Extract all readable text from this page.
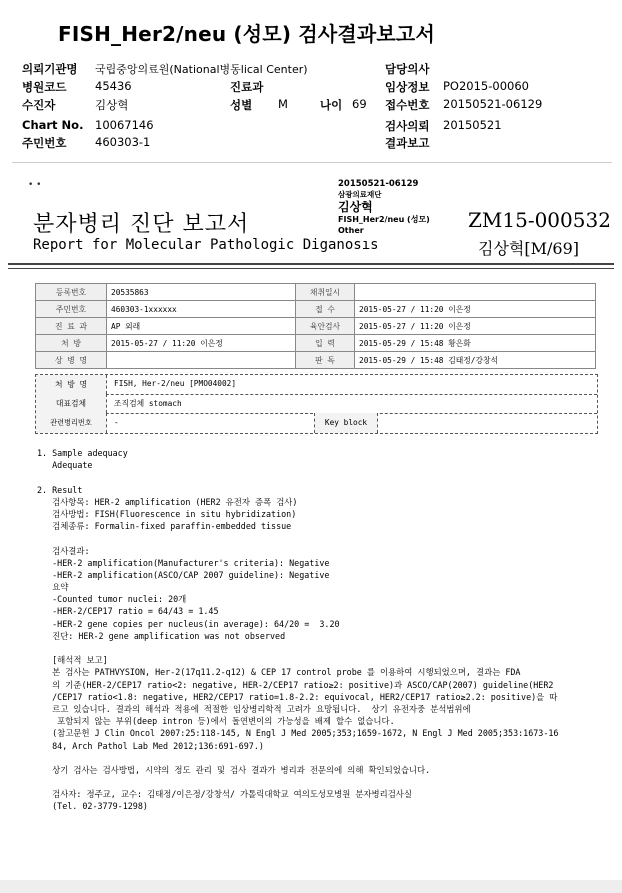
FISH_Her2/neu (성모) 검사결과보고서
의뢰기관명 국립중앙의료원(National병동lical Center)	담당의사
병원코드 45436	진료과	임상정보 PO2015-00060
수진자	김상혁	성별 M	나이 69 접수번호 20150521-06129
Chart No. 10067146	검사의뢰 20150521
주민번호 460303-1	결과보고
• •	20150521-06129
삼광의료재단
김상혁
FISH_Her2/neu (성모)
Other
분자병리 진단 보고서
Report for Molecular Pathologic Diganosıs
ZM15-000532
김상혁[M/69]
등록번호	20535863	채취일시	
주민번호	460303-1xxxxxx	접 수	2015-05-27 / 11:20 이은정
진 료 과	AP 외래	육안검사	2015-05-27 / 11:20 이은정
처 방	2015-05-27 / 11:20 이은정	입 력	2015-05-29 / 15:48 황은화
상 병 명		판 독	2015-05-29 / 15:48 김태정/강창석
처 방 명	FISH, Her-2/neu [PMO04002]
대표검체	조직검체 stomach
관련병리번호	-	Key block
1. Sample adequacy
Adequate
2. Result
검사항목: HER-2 amplification (HER2 유전자 증폭 검사)
검사방법: FISH(Fluorescence in situ hybridization)
검체종류: Formalin-fixed paraffin-embedded tissue
검사결과:
-HER-2 amplification(Manufacturer's criteria): Negative
-HER-2 amplification(ASCO/CAP 2007 guideline): Negative
요약
-Counted tumor nuclei: 20개
-HER-2/CEP17 ratio = 64/43 = 1.45
-HER-2 gene copies per nucleus(in average): 64/20 =  3.20
진단: HER-2 gene amplification was not observed
[해석적 보고]
본 검사는 PATHVYSION, Her-2(17q11.2-q12) & CEP 17 control probe 를 이용하여 시행되었으며, 결과는 FDA
의 기준(HER-2/CEP17 ratio<2: negative, HER-2/CEP17 ratio≥2: positive)과 ASCO/CAP(2007) guideline(HER2
/CEP17 ratio<1.8: negative, HER2/CEP17 ratio=1.8-2.2: equivocal, HER2/CEP17 ratio≥2.2: positive)을 따
르고 있습니다. 결과의 해석과 적용에 적절한 임상병리학적 고려가 요망됩니다.  상기 유전자중 분석범위에
포함되지 않는 부위(deep intron 등)에서 돌연변이의 가능성을 배제 할수 없습니다.
(참고문헌 J Clin Oncol 2007:25:118-145, N Engl J Med 2005;353;1659-1672, N Engl J Med 2005;353:1673-16
84, Arch Pathol Lab Med 2012;136:691-697.)
상기 검사는 검사방법, 시약의 정도 관리 및 검사 결과가 병리과 전문의에 의해 확인되었습니다.
검사자: 정주교, 교수: 김태정/이은정/강창석/ 가톨릭대학교 여의도성모병원 분자병리검사실
(Tel. 02-3779-1298)
